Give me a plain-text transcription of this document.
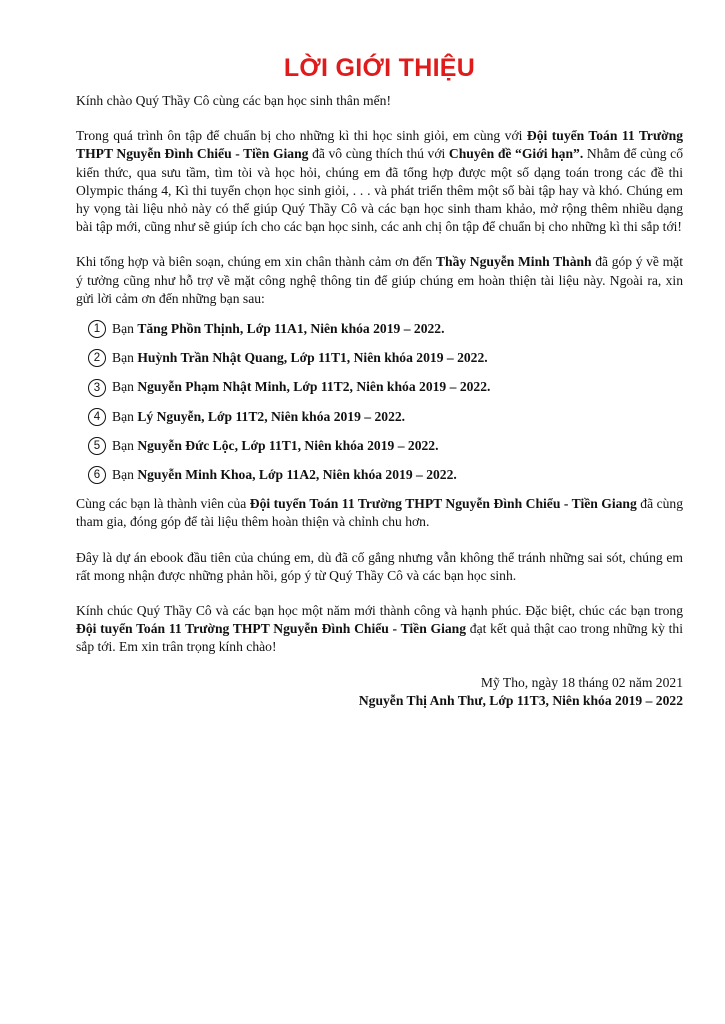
LỜI GIỚI THIỆU

Kính chào Quý Thầy Cô cùng các bạn học sinh thân mến!

Trong quá trình ôn tập để chuẩn bị cho những kì thi học sinh giỏi, em cùng với Đội tuyển Toán 11 Trường THPT Nguyễn Đình Chiểu - Tiền Giang đã vô cùng thích thú với Chuyên đề “Giới hạn”. Nhằm để củng cố kiến thức, qua sưu tầm, tìm tòi và học hỏi, chúng em đã tổng hợp được một số dạng toán trong các đề thi Olympic tháng 4, Kì thi tuyển chọn học sinh giỏi, . . . và phát triển thêm một số bài tập hay và khó. Chúng em hy vọng tài liệu nhỏ này có thể giúp Quý Thầy Cô và các bạn học sinh tham khảo, mở rộng thêm nhiều dạng bài tập mới, cũng như sẽ giúp ích cho các bạn học sinh, các anh chị ôn tập để chuẩn bị cho những kì thi sắp tới!

Khi tổng hợp và biên soạn, chúng em xin chân thành cảm ơn đến Thầy Nguyễn Minh Thành đã góp ý về mặt ý tưởng cũng như hỗ trợ về mặt công nghệ thông tin để giúp chúng em hoàn thiện tài liệu này. Ngoài ra, xin gửi lời cảm ơn đến những bạn sau:

1 Bạn
Tăng Phồn Thịnh, Lớp 11A1, Niên khóa 2019 – 2022.
2 Bạn
Huỳnh Trần Nhật Quang, Lớp 11T1, Niên khóa 2019 – 2022.
3 Bạn
Nguyễn Phạm Nhật Minh, Lớp 11T2, Niên khóa 2019 – 2022.
4 Bạn
Lý Nguyễn, Lớp 11T2, Niên khóa 2019 – 2022.
5 Bạn
Nguyễn Đức Lộc, Lớp 11T1, Niên khóa 2019 – 2022.
6 Bạn
Nguyễn Minh Khoa, Lớp 11A2, Niên khóa 2019 – 2022.

Cùng các bạn là thành viên của Đội tuyển Toán 11 Trường THPT Nguyễn Đình Chiểu - Tiền Giang đã cùng tham gia, đóng góp để tài liệu thêm hoàn thiện và chỉnh chu hơn.

Đây là dự án ebook đầu tiên của chúng em, dù đã cố gắng nhưng vẫn không thể tránh những sai sót, chúng em rất mong nhận được những phản hồi, góp ý từ Quý Thầy Cô và các bạn học sinh.

Kính chúc Quý Thầy Cô và các bạn học một năm mới thành công và hạnh phúc. Đặc biệt, chúc các bạn trong Đội tuyển Toán 11 Trường THPT Nguyễn Đình Chiểu - Tiền Giang đạt kết quả thật cao trong những kỳ thi sắp tới. Em xin trân trọng kính chào!

Mỹ Tho, ngày 18 tháng 02 năm 2021

Nguyễn Thị Anh Thư, Lớp 11T3, Niên khóa 2019 – 2022
